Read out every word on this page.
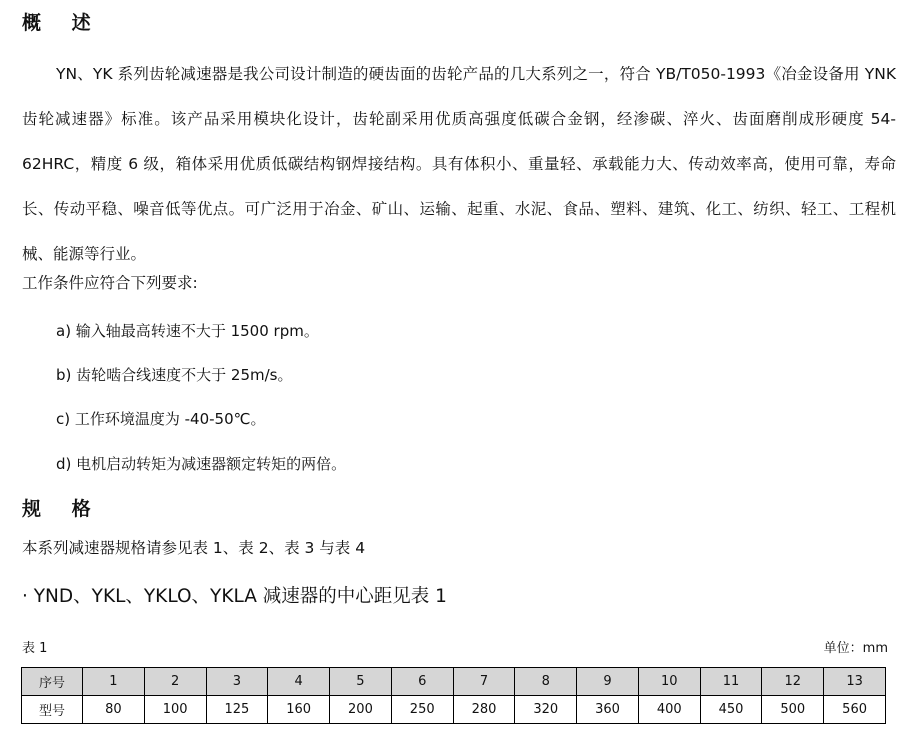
概 述

YN、YK 系列齿轮减速器是我公司设计制造的硬齿面的齿轮产品的几大系列之一，符合 YB/T050-1993《冶金设备用 YNK 齿轮减速器》标准。该产品采用模块化设计，齿轮副采用优质高强度低碳合金钢，经渗碳、淬火、齿面磨削成形硬度 54-62HRC，精度 6 级，箱体采用优质低碳结构钢焊接结构。具有体积小、重量轻、承载能力大、传动效率高，使用可靠，寿命长、传动平稳、噪音低等优点。可广泛用于冶金、矿山、运输、起重、水泥、食品、塑料、建筑、化工、纺织、轻工、工程机械、能源等行业。

工作条件应符合下列要求:

a) 输入轴最高转速不大于 1500 rpm。

b) 齿轮啮合线速度不大于 25m/s。

c) 工作环境温度为 -40-50℃。

d) 电机启动转矩为减速器额定转矩的两倍。

规 格

本系列减速器规格请参见表 1、表 2、表 3 与表 4

· YND、YKL、YKLO、YKLA 减速器的中心距见表 1

表 1	单位：mm

序号	1	2	3	4	5	6	7	8	9	10	11	12	13
型号	80	100	125	160	200	250	280	320	360	400	450	500	560
